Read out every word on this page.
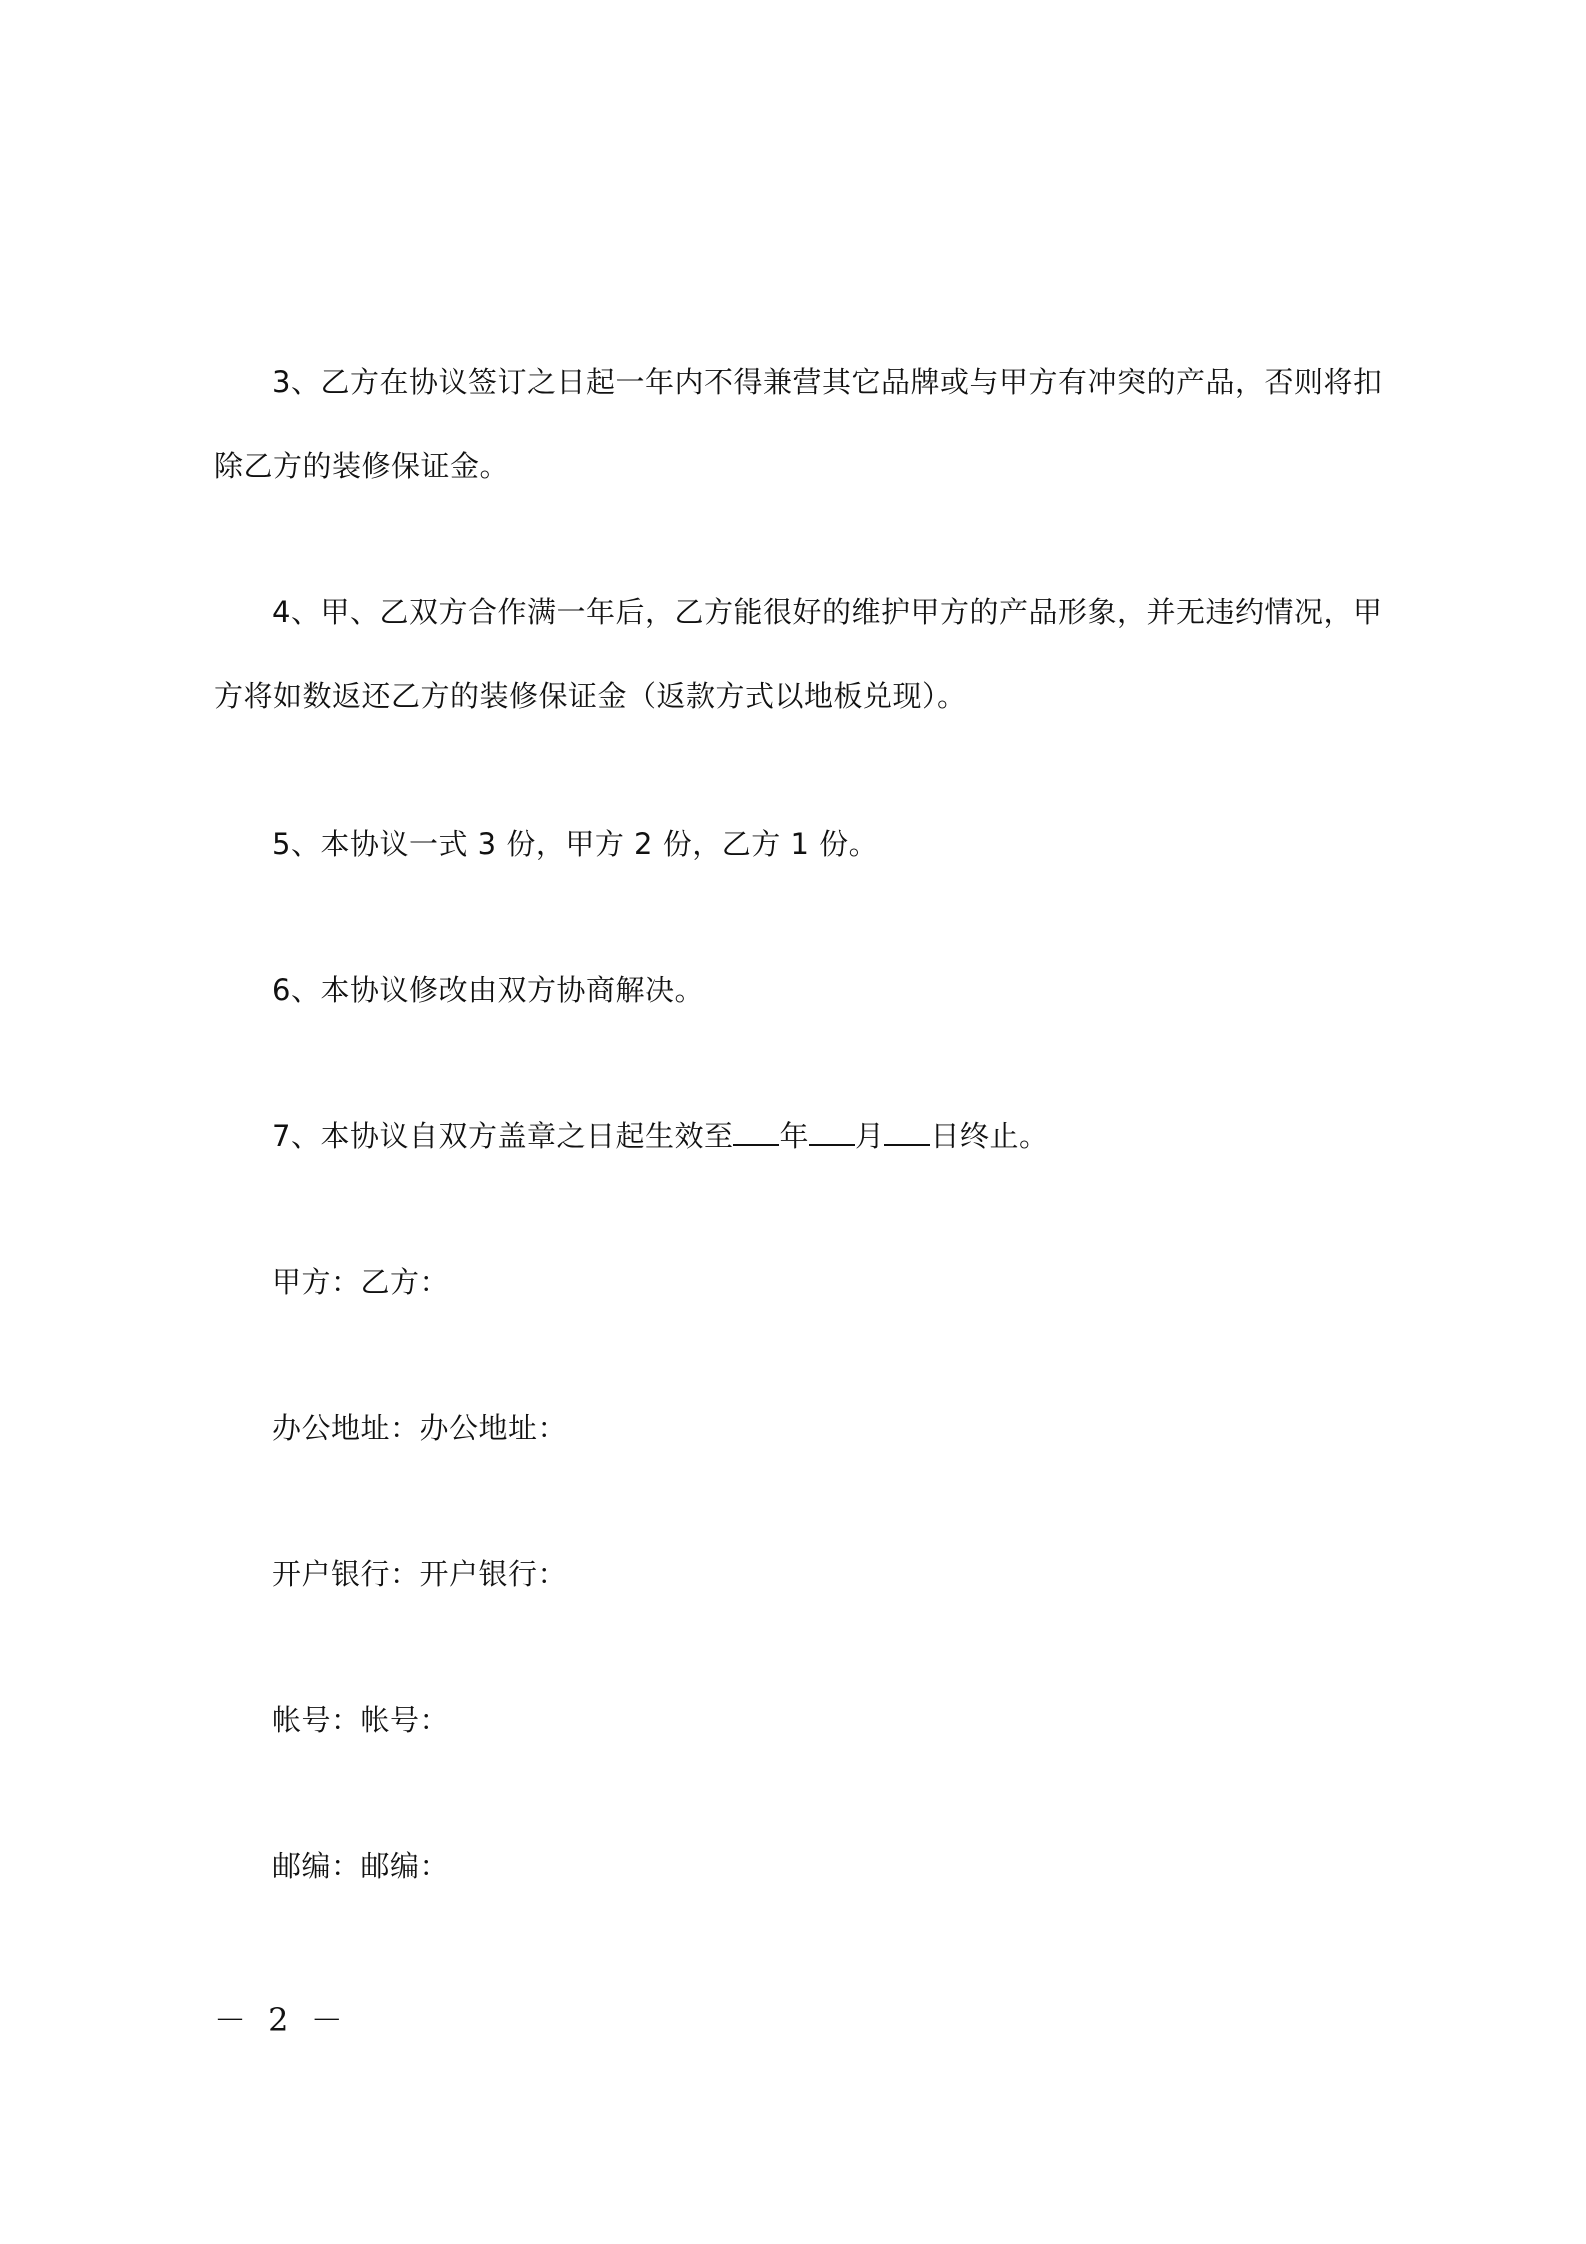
3、乙方在协议签订之日起一年内不得兼营其它品牌或与甲方有冲突的产品，否则将扣除乙方的装修保证金。

4、甲、乙双方合作满一年后，乙方能很好的维护甲方的产品形象，并无违约情况，甲方将如数返还乙方的装修保证金（返款方式以地板兑现）。

5、本协议一式 3 份，甲方 2 份，乙方 1 份。

6、本协议修改由双方协商解决。

7、本协议自双方盖章之日起生效至 年 月 日终止。

甲方：乙方：

办公地址：办公地址：

开户银行：开户银行：

帐号：帐号：

邮编：邮编：

－ 2 －
